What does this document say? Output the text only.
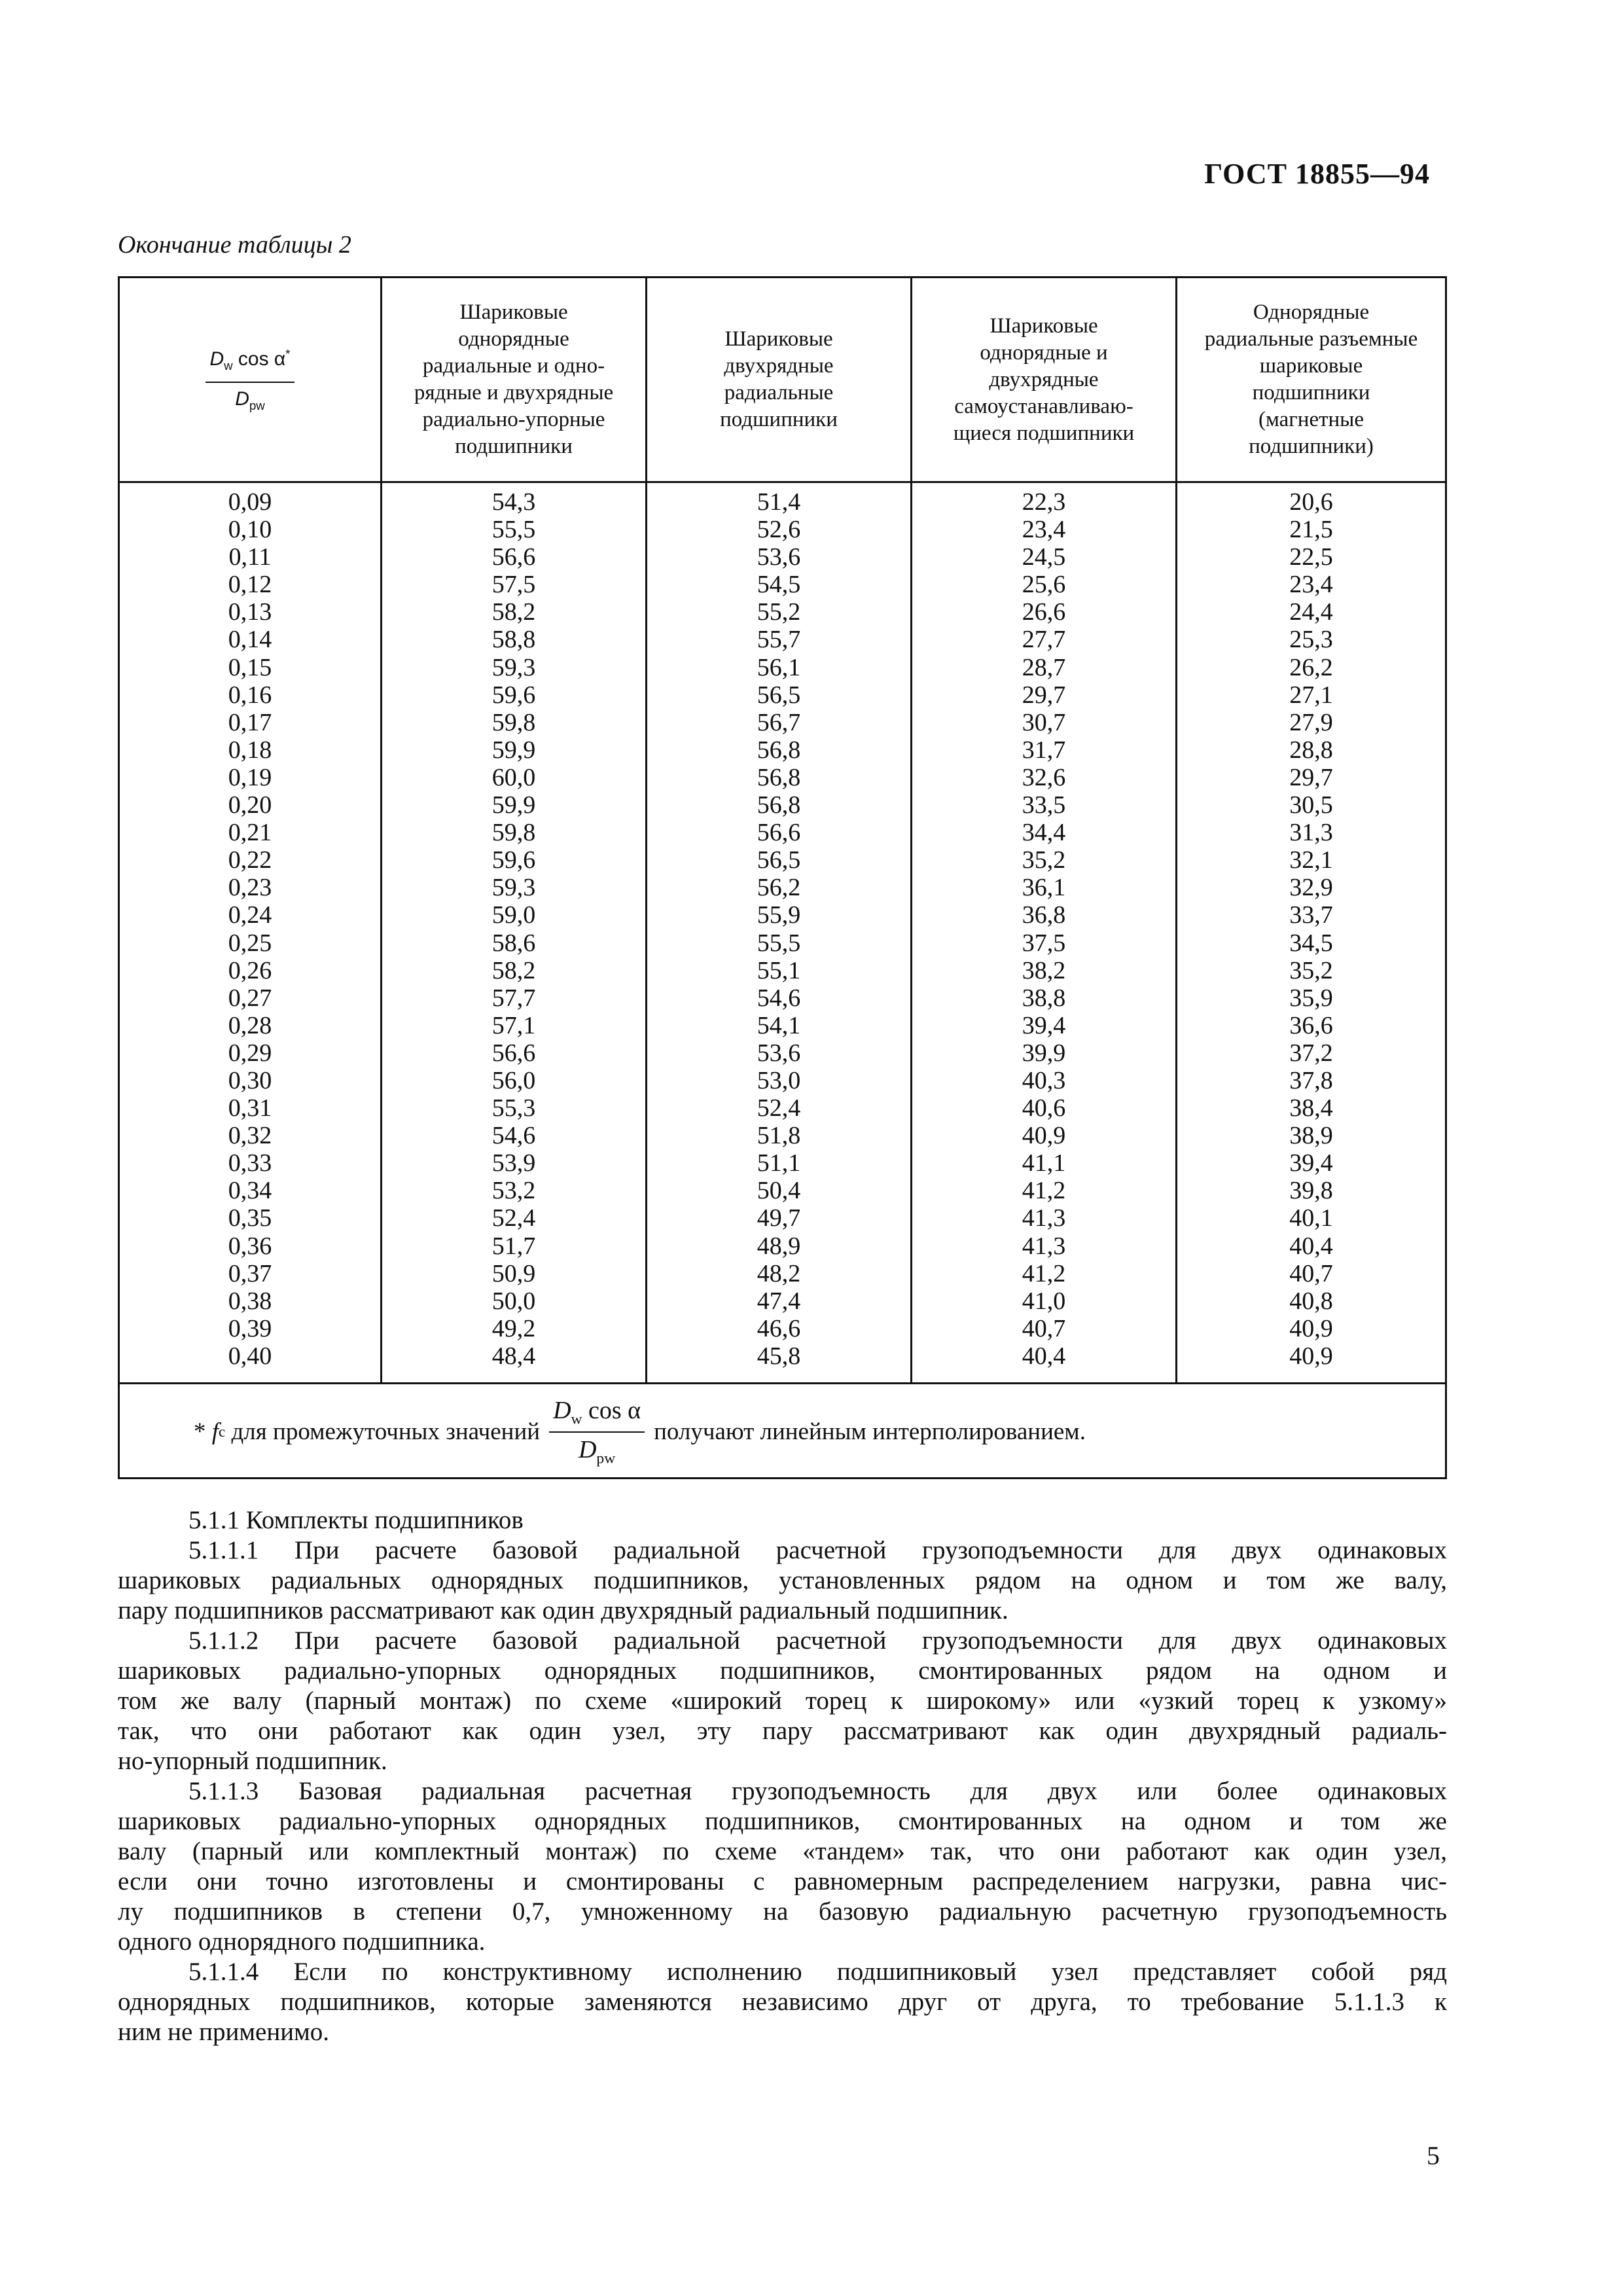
ГОСТ 18855—94
Окончание таблицы 2
$\frac{D_w \cos \alpha^*}{D_{pw}}$
Шариковые
однорядные
радиальные и одно-
рядные и двухрядные
радиально-упорные
подшипники
Шариковые
двухрядные
радиальные
подшипники
Шариковые
однорядные и
двухрядные
самоустанавливаю-
щиеся подшипники
Однорядные
радиальные разъемные
шариковые
подшипники
(магнетные
подшипники)
0,09
0,10
0,11
0,12
0,13
0,14
0,15
0,16
0,17
0,18
0,19
0,20
0,21
0,22
0,23
0,24
0,25
0,26
0,27
0,28
0,29
0,30
0,31
0,32
0,33
0,34
0,35
0,36
0,37
0,38
0,39
0,40
54,3
55,5
56,6
57,5
58,2
58,8
59,3
59,6
59,8
59,9
60,0
59,9
59,8
59,6
59,3
59,0
58,6
58,2
57,7
57,1
56,6
56,0
55,3
54,6
53,9
53,2
52,4
51,7
50,9
50,0
49,2
48,4
51,4
52,6
53,6
54,5
55,2
55,7
56,1
56,5
56,7
56,8
56,8
56,8
56,6
56,5
56,2
55,9
55,5
55,1
54,6
54,1
53,6
53,0
52,4
51,8
51,1
50,4
49,7
48,9
48,2
47,4
46,6
45,8
22,3
23,4
24,5
25,6
26,6
27,7
28,7
29,7
30,7
31,7
32,6
33,5
34,4
35,2
36,1
36,8
37,5
38,2
38,8
39,4
39,9
40,3
40,6
40,9
41,1
41,2
41,3
41,3
41,2
41,0
40,7
40,4
20,6
21,5
22,5
23,4
24,4
25,3
26,2
27,1
27,9
28,8
29,7
30,5
31,3
32,1
32,9
33,7
34,5
35,2
35,9
36,6
37,2
37,8
38,4
38,9
39,4
39,8
40,1
40,4
40,7
40,8
40,9
40,9
*
f c
для промежуточных значений $\frac{D_w \cos \alpha}{D_{pw}}$ получают линейным интерполированием.
5.1.1 Комплекты подшипников
5.1.1.1 При расчете базовой радиальной расчетной грузоподъемности для двух одинаковых
шариковых радиальных однорядных подшипников, установленных рядом на одном и том же валу,
пару подшипников рассматривают как один двухрядный радиальный подшипник.
5.1.1.2 При расчете базовой радиальной расчетной грузоподъемности для двух одинаковых
шариковых радиально-упорных однорядных подшипников, смонтированных рядом на одном и
том же валу (парный монтаж) по схеме «широкий торец к широкому» или «узкий торец к узкому»
так, что они работают как один узел, эту пару рассматривают как один двухрядный радиаль-
но-упорный подшипник.
5.1.1.3 Базовая радиальная расчетная грузоподъемность для двух или более одинаковых
шариковых радиально-упорных однорядных подшипников, смонтированных на одном и том же
валу (парный или комплектный монтаж) по схеме «тандем» так, что они работают как один узел,
если они точно изготовлены и смонтированы с равномерным распределением нагрузки, равна чис-
лу подшипников в степени 0,7, умноженному на базовую радиальную расчетную грузоподъемность
одного однорядного подшипника.
5.1.1.4 Если по конструктивному исполнению подшипниковый узел представляет собой ряд
однорядных подшипников, которые заменяются независимо друг от друга, то требование 5.1.1.3 к
ним не применимо.
5
